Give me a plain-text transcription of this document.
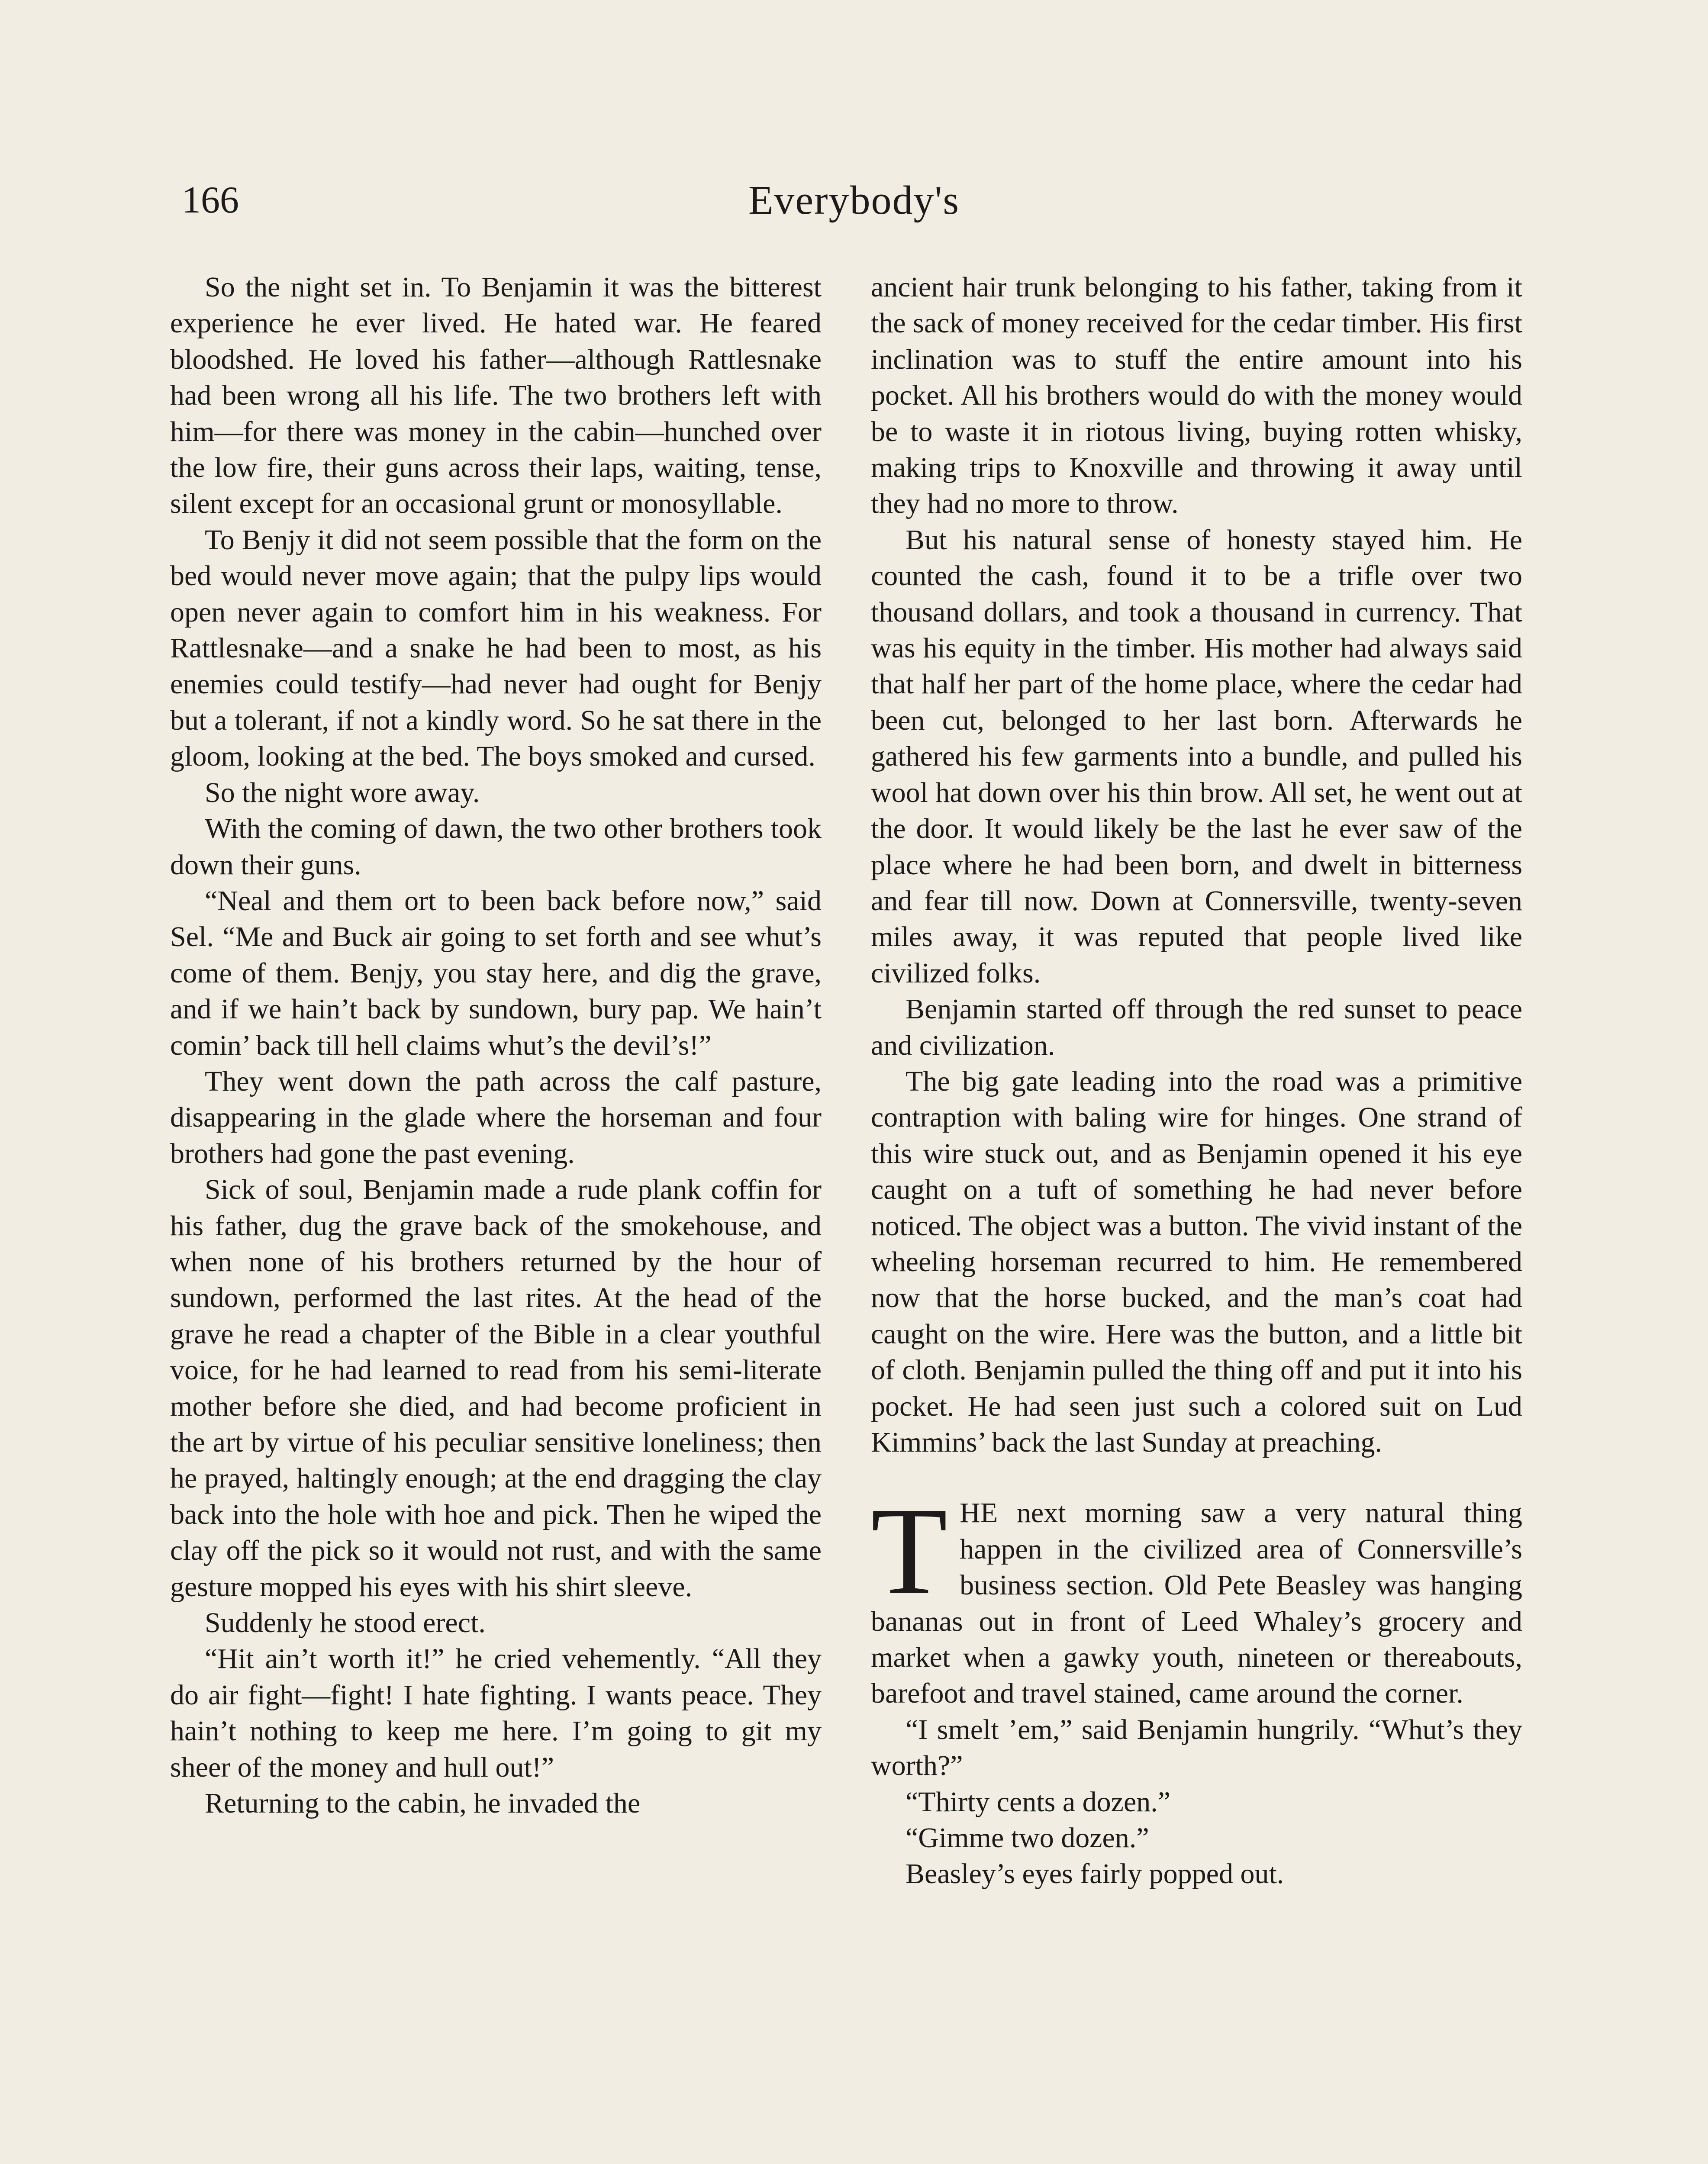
166	Everybody's

So the night set in. To Benjamin it was the bitterest experience he ever lived. He hated war. He feared bloodshed. He loved his father—although Rattlesnake had been wrong all his life. The two brothers left with him—for there was money in the cabin—hunched over the low fire, their guns across their laps, waiting, tense, silent except for an occasional grunt or monosyllable.

To Benjy it did not seem possible that the form on the bed would never move again; that the pulpy lips would open never again to comfort him in his weakness. For Rattlesnake—and a snake he had been to most, as his enemies could testify—had never had ought for Benjy but a tolerant, if not a kindly word. So he sat there in the gloom, looking at the bed. The boys smoked and cursed.

So the night wore away.

With the coming of dawn, the two other brothers took down their guns.

“Neal and them ort to been back before now,” said Sel. “Me and Buck air going to set forth and see whut’s come of them. Benjy, you stay here, and dig the grave, and if we hain’t back by sundown, bury pap. We hain’t comin’ back till hell claims whut’s the devil’s!”

They went down the path across the calf pasture, disappearing in the glade where the horseman and four brothers had gone the past evening.

Sick of soul, Benjamin made a rude plank coffin for his father, dug the grave back of the smokehouse, and when none of his brothers returned by the hour of sundown, performed the last rites. At the head of the grave he read a chapter of the Bible in a clear youthful voice, for he had learned to read from his semi-literate mother before she died, and had become proficient in the art by virtue of his peculiar sensitive loneliness; then he prayed, haltingly enough; at the end dragging the clay back into the hole with hoe and pick. Then he wiped the clay off the pick so it would not rust, and with the same gesture mopped his eyes with his shirt sleeve.

Suddenly he stood erect.

“Hit ain’t worth it!” he cried vehemently. “All they do air fight—fight! I hate fighting. I wants peace. They hain’t nothing to keep me here. I’m going to git my sheer of the money and hull out!”

Returning to the cabin, he invaded the

ancient hair trunk belonging to his father, taking from it the sack of money received for the cedar timber. His first inclination was to stuff the entire amount into his pocket. All his brothers would do with the money would be to waste it in riotous living, buying rotten whisky, making trips to Knoxville and throwing it away until they had no more to throw.

But his natural sense of honesty stayed him. He counted the cash, found it to be a trifle over two thousand dollars, and took a thousand in currency. That was his equity in the timber. His mother had always said that half her part of the home place, where the cedar had been cut, belonged to her last born. Afterwards he gathered his few garments into a bundle, and pulled his wool hat down over his thin brow. All set, he went out at the door. It would likely be the last he ever saw of the place where he had been born, and dwelt in bitterness and fear till now. Down at Connersville, twenty-seven miles away, it was reputed that people lived like civilized folks.

Benjamin started off through the red sunset to peace and civilization.

The big gate leading into the road was a primitive contraption with baling wire for hinges. One strand of this wire stuck out, and as Benjamin opened it his eye caught on a tuft of something he had never before noticed. The object was a button. The vivid instant of the wheeling horseman recurred to him. He remembered now that the horse bucked, and the man’s coat had caught on the wire. Here was the button, and a little bit of cloth. Benjamin pulled the thing off and put it into his pocket. He had seen just such a colored suit on Lud Kimmins’ back the last Sunday at preaching.

THE next morning saw a very natural thing happen in the civilized area of Connersville’s business section. Old Pete Beasley was hanging bananas out in front of Leed Whaley’s grocery and market when a gawky youth, nineteen or thereabouts, barefoot and travel stained, came around the corner.

“I smelt ’em,” said Benjamin hungrily. “Whut’s they worth?”

“Thirty cents a dozen.”

“Gimme two dozen.”

Beasley’s eyes fairly popped out.
